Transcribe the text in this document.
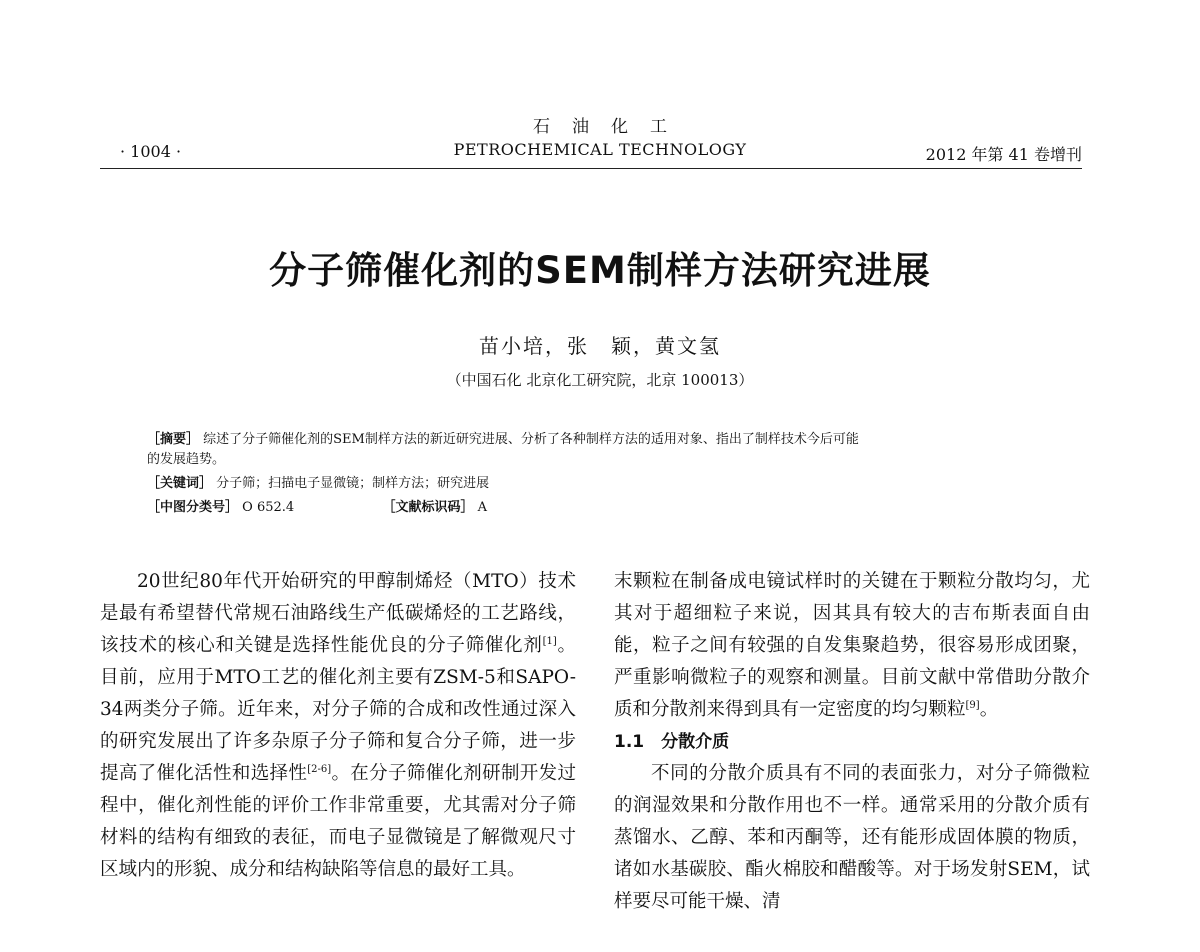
石油化工
· 1004 ·	PETROCHEMICAL TECHNOLOGY	2012 年第 41 卷增刊
分子筛催化剂的SEM制样方法研究进展
苗小培，张　颖，黄文氢
（中国石化 北京化工研究院，北京 100013）
［摘要］ 综述了分子筛催化剂的SEM制样方法的新近研究进展、分析了各种制样方法的适用对象、指出了制样技术今后可能
的发展趋势。
［关键词］ 分子筛；扫描电子显微镜；制样方法；研究进展
［中图分类号］ O 652.4	［文献标识码］ A

20世纪80年代开始研究的甲醇制烯烃（MTO）技术是最有希望替代常规石油路线生产低碳烯烃的工艺路线，该技术的核心和关键是选择性能优良的分子筛催化剂[1]。目前，应用于MTO工艺的催化剂主要有ZSM-5和SAPO-34两类分子筛。近年来，对分子筛的合成和改性通过深入的研究发展出了许多杂原子分子筛和复合分子筛，进一步提高了催化活性和选择性[2-6]。在分子筛催化剂研制开发过程中，催化剂性能的评价工作非常重要，尤其需对分子筛材料的结构有细致的表征，而电子显微镜是了解微观尺寸区域内的形貌、成分和结构缺陷等信息的最好工具。

末颗粒在制备成电镜试样时的关键在于颗粒分散均匀，尤其对于超细粒子来说，因其具有较大的吉布斯表面自由能，粒子之间有较强的自发集聚趋势，很容易形成团聚，严重影响微粒子的观察和测量。目前文献中常借助分散介质和分散剂来得到具有一定密度的均匀颗粒[9]。

1.1　分散介质

不同的分散介质具有不同的表面张力，对分子筛微粒的润湿效果和分散作用也不一样。通常采用的分散介质有蒸馏水、乙醇、苯和丙酮等，还有能形成固体膜的物质，诸如水基碳胶、酯火棉胶和醋酸等。对于场发射SEM，试样要尽可能干燥、清
